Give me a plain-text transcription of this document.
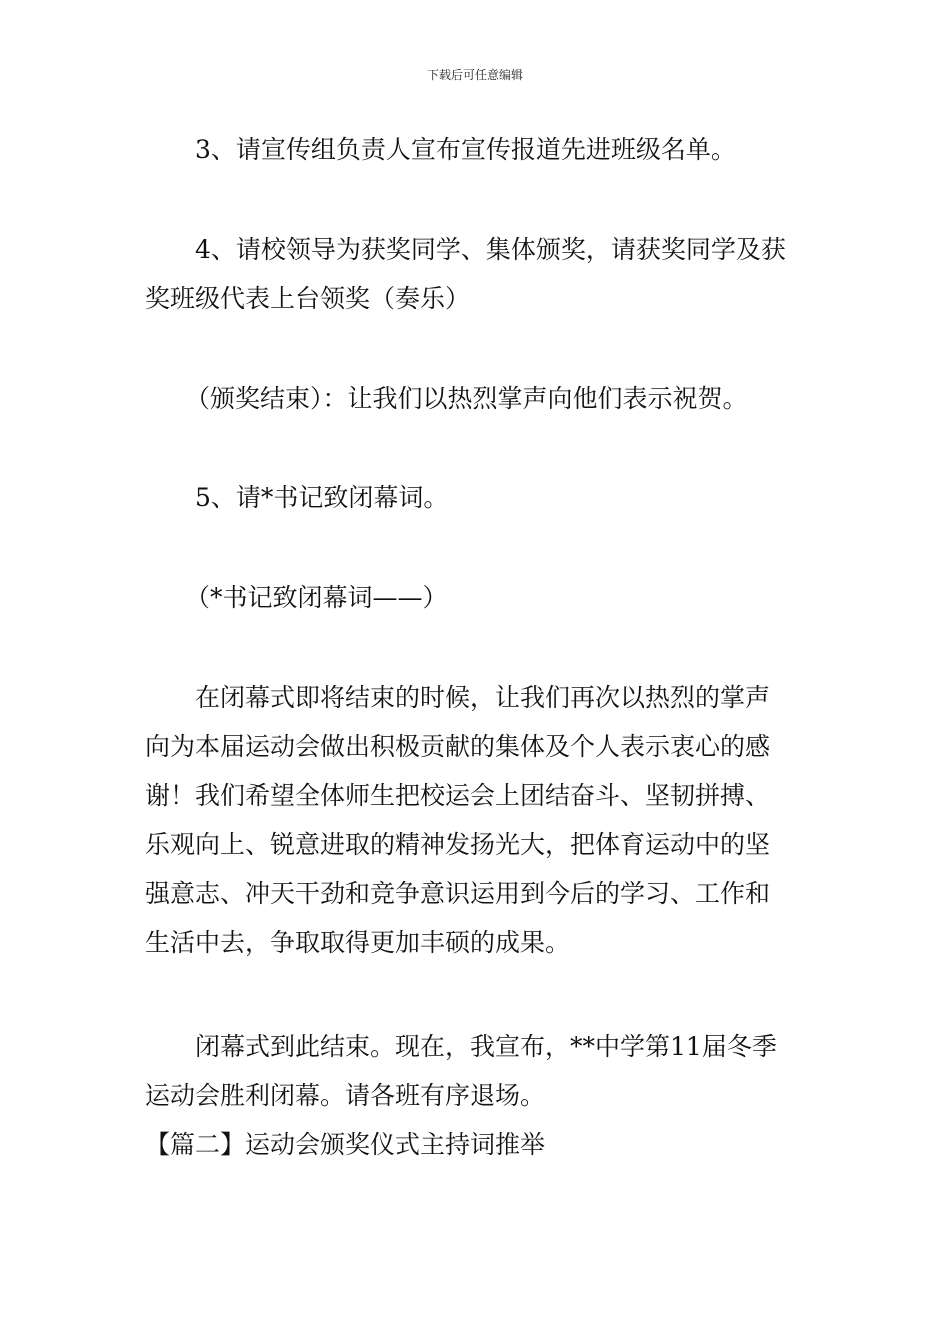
下载后可任意编辑

3、请宣传组负责人宣布宣传报道先进班级名单。

4、请校领导为获奖同学、集体颁奖，请获奖同学及获
奖班级代表上台领奖（奏乐）

（颁奖结束）：让我们以热烈掌声向他们表示祝贺。

5、请*书记致闭幕词。

（*书记致闭幕词——）

在闭幕式即将结束的时候，让我们再次以热烈的掌声
向为本届运动会做出积极贡献的集体及个人表示衷心的感
谢！我们希望全体师生把校运会上团结奋斗、坚韧拼搏、
乐观向上、锐意进取的精神发扬光大，把体育运动中的坚
强意志、冲天干劲和竞争意识运用到今后的学习、工作和
生活中去，争取取得更加丰硕的成果。

闭幕式到此结束。现在，我宣布，**中学第11届冬季
运动会胜利闭幕。请各班有序退场。

【篇二】运动会颁奖仪式主持词推举
